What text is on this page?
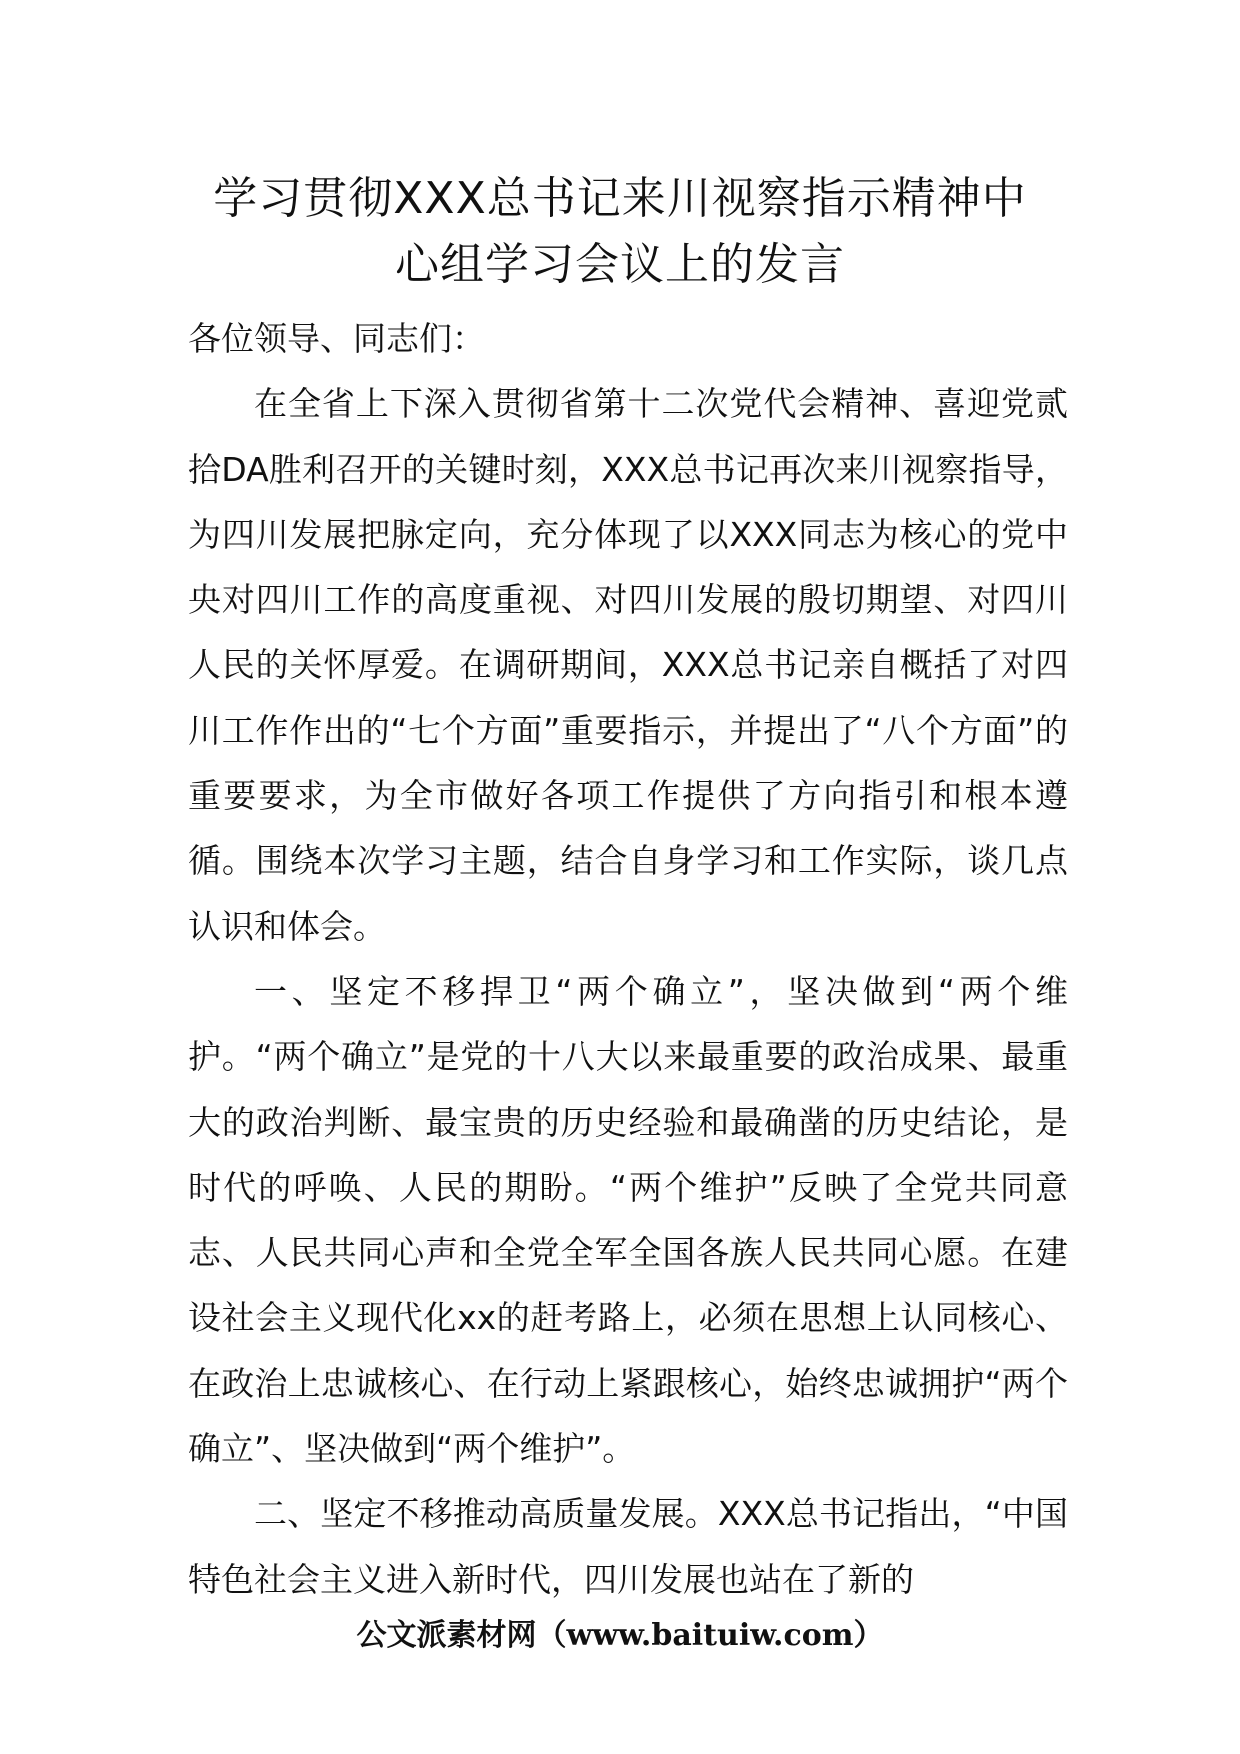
学习贯彻XXX总书记来川视察指示精神中
心组学习会议上的发言

各位领导、同志们：

在全省上下深入贯彻省第十二次党代会精神、喜迎党贰拾DA胜利召开的关键时刻，XXX总书记再次来川视察指导，为四川发展把脉定向，充分体现了以XXX同志为核心的党中央对四川工作的高度重视、对四川发展的殷切期望、对四川人民的关怀厚爱。在调研期间，XXX总书记亲自概括了对四川工作作出的“七个方面”重要指示，并提出了“八个方面”的重要要求，为全市做好各项工作提供了方向指引和根本遵循。围绕本次学习主题，结合自身学习和工作实际，谈几点认识和体会。

一、坚定不移捍卫“两个确立”，坚决做到“两个维护。“两个确立”是党的十八大以来最重要的政治成果、最重大的政治判断、最宝贵的历史经验和最确凿的历史结论，是时代的呼唤、人民的期盼。“两个维护”反映了全党共同意志、人民共同心声和全党全军全国各族人民共同心愿。在建设社会主义现代化xx的赶考路上，必须在思想上认同核心、在政治上忠诚核心、在行动上紧跟核心，始终忠诚拥护“两个确立”、坚决做到“两个维护”。

二、坚定不移推动高质量发展。XXX总书记指出，“中国特色社会主义进入新时代，四川发展也站在了新的

公文派素材网（www.baituiw.com）
